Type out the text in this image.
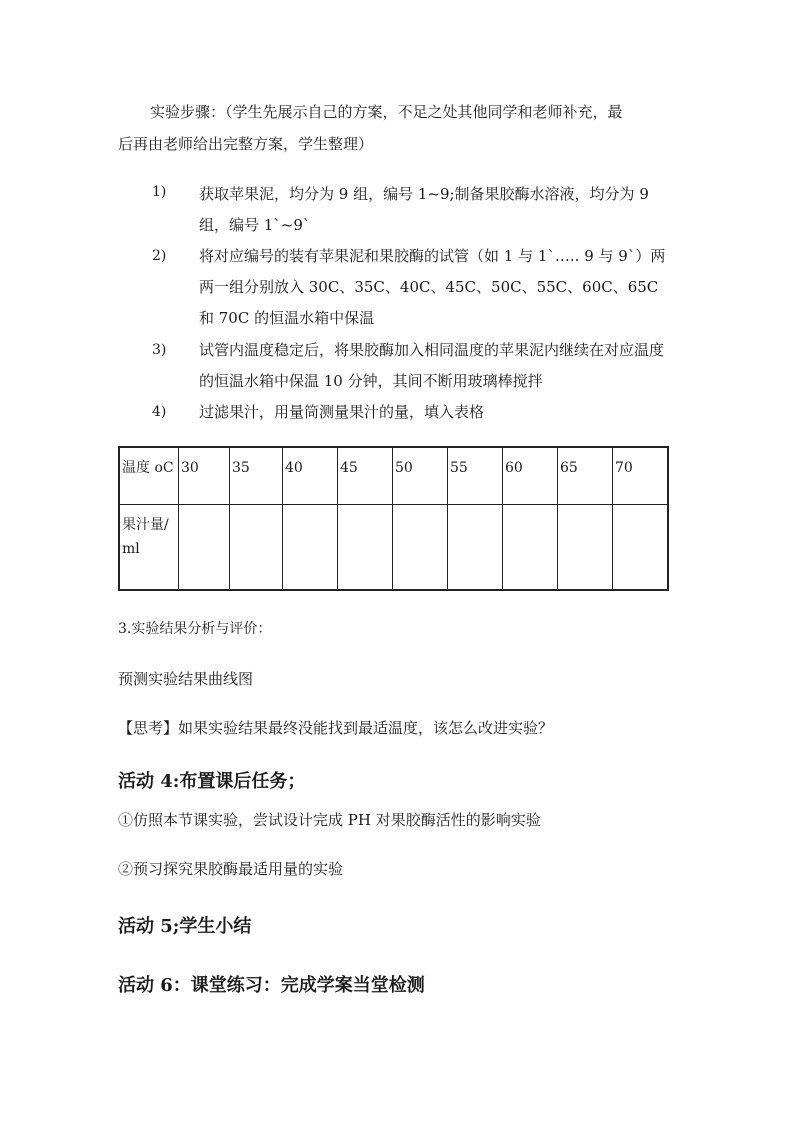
实验步骤：（学生先展示自己的方案，不足之处其他同学和老师补充，最
后再由老师给出完整方案，学生整理）
1) 获取苹果泥，均分为 9 组，编号 1~9;制备果胶酶水溶液，均分为 9 组，编号 1`~9`
2) 将对应编号的装有苹果泥和果胶酶的试管（如 1 与 1`….. 9 与 9`）两两一组分别放入 30C、35C、40C、45C、50C、55C、60C、65C 和 70C 的恒温水箱中保温
3) 试管内温度稳定后，将果胶酶加入相同温度的苹果泥内继续在对应温度的恒温水箱中保温 10 分钟，其间不断用玻璃棒搅拌
4) 过滤果汁，用量筒测量果汁的量，填入表格
温度 oC	30	35	40	45	50	55	60	65	70
果汁量/ml									
3.实验结果分析与评价：
预测实验结果曲线图
【思考】如果实验结果最终没能找到最适温度，该怎么改进实验？
活动 4:布置课后任务；
①仿照本节课实验，尝试设计完成 PH 对果胶酶活性的影响实验
②预习探究果胶酶最适用量的实验
活动 5;学生小结
活动 6：课堂练习：完成学案当堂检测
